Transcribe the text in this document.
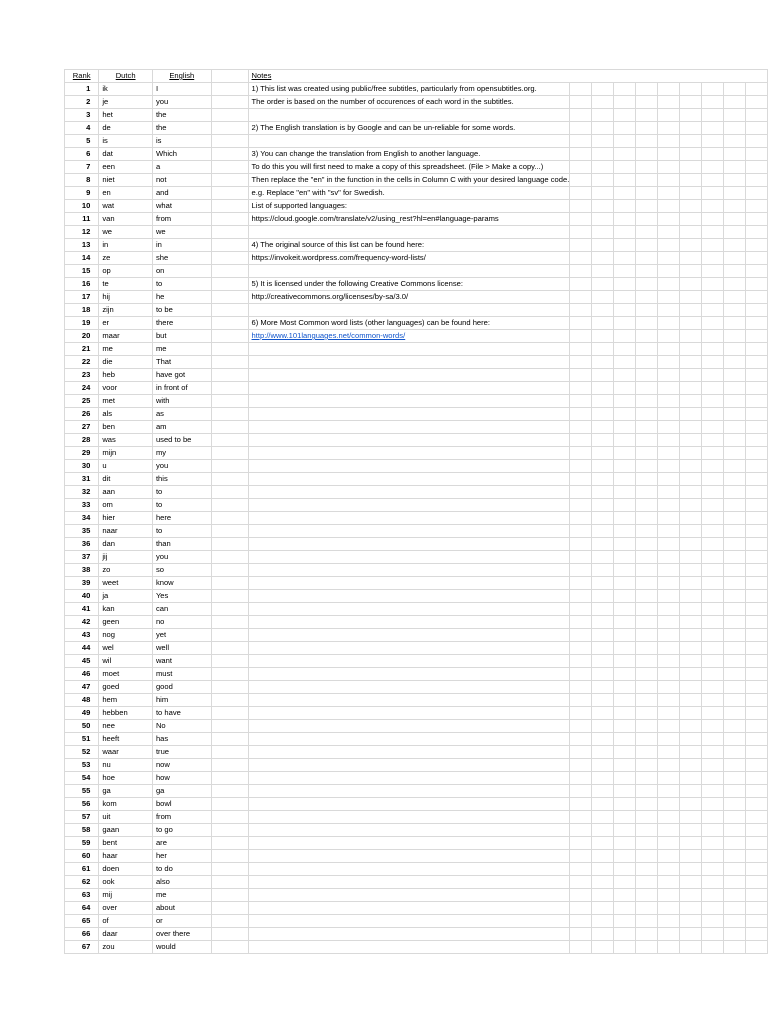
Rank	Dutch	English		Notes									
1	ik	I		1) This list was created using public/free subtitles, particularly from opensubtitles.org.									
2	je	you		The order is based on the number of occurences of each word in the subtitles.									
3	het	the											
4	de	the		2) The English translation is by Google and can be un-reliable for some words.									
5	is	is											
6	dat	Which		3) You can change the translation from English to another language.									
7	een	a		To do this you will first need to make a copy of this spreadsheet. (File > Make a copy...)									
8	niet	not		Then replace the "en" in the function in the cells in Column C with your desired language code.									
9	en	and		e.g. Replace "en" with "sv" for Swedish.									
10	wat	what		List of supported languages:									
11	van	from		https://cloud.google.com/translate/v2/using_rest?hl=en#language-params									
12	we	we											
13	in	in		4) The original source of this list can be found here:									
14	ze	she		https://invokeit.wordpress.com/frequency-word-lists/									
15	op	on											
16	te	to		5) It is licensed under the following Creative Commons license:									
17	hij	he		http://creativecommons.org/licenses/by-sa/3.0/									
18	zijn	to be											
19	er	there		6) More Most Common word lists (other languages) can be found here:									
20	maar	but		http://www.101languages.net/common-words/									
21	me	me											
22	die	That											
23	heb	have got											
24	voor	in front of											
25	met	with											
26	als	as											
27	ben	am											
28	was	used to be											
29	mijn	my											
30	u	you											
31	dit	this											
32	aan	to											
33	om	to											
34	hier	here											
35	naar	to											
36	dan	than											
37	jij	you											
38	zo	so											
39	weet	know											
40	ja	Yes											
41	kan	can											
42	geen	no											
43	nog	yet											
44	wel	well											
45	wil	want											
46	moet	must											
47	goed	good											
48	hem	him											
49	hebben	to have											
50	nee	No											
51	heeft	has											
52	waar	true											
53	nu	now											
54	hoe	how											
55	ga	ga											
56	kom	bowl											
57	uit	from											
58	gaan	to go											
59	bent	are											
60	haar	her											
61	doen	to do											
62	ook	also											
63	mij	me											
64	over	about											
65	of	or											
66	daar	over there											
67	zou	would											
